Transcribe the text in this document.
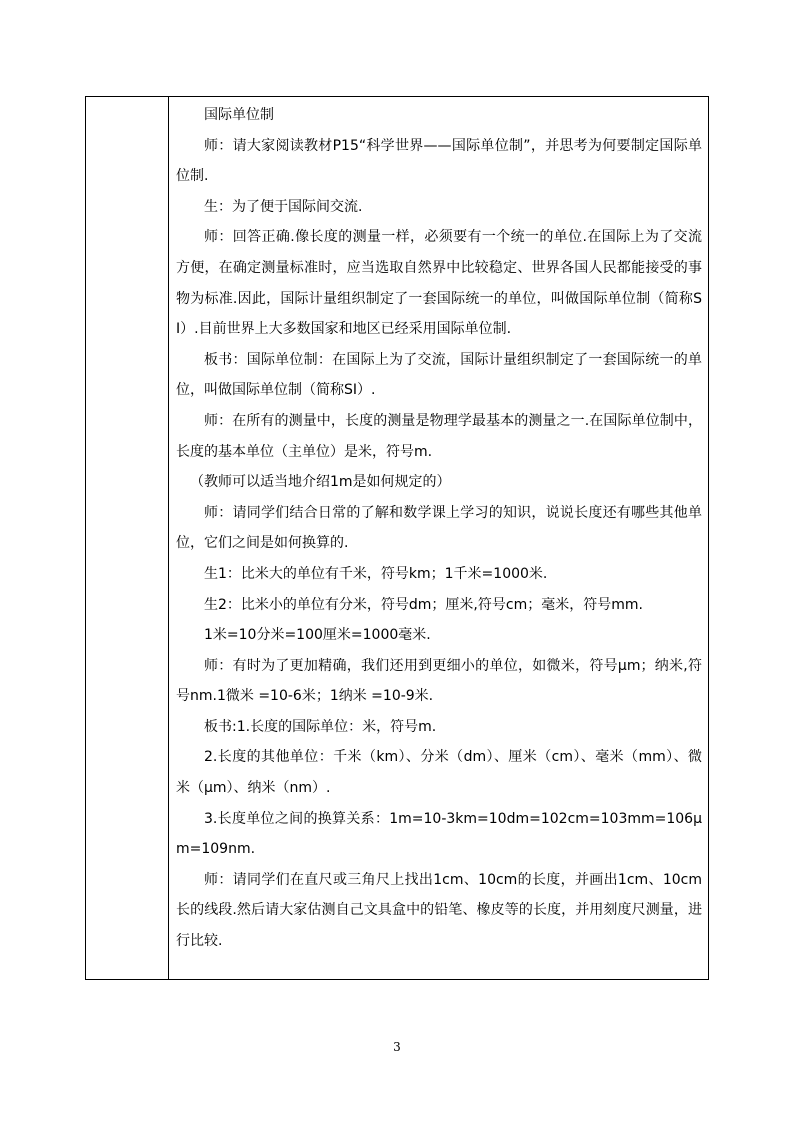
国际单位制

师：请大家阅读教材P15“科学世界——国际单位制”，并思考为何要制定国际单位制.

生：为了便于国际间交流.

师：回答正确.像长度的测量一样，必须要有一个统一的单位.在国际上为了交流方便，在确定测量标准时，应当选取自然界中比较稳定、世界各国人民都能接受的事物为标准.因此，国际计量组织制定了一套国际统一的单位，叫做国际单位制（简称SI）.目前世界上大多数国家和地区已经采用国际单位制.

板书：国际单位制：在国际上为了交流，国际计量组织制定了一套国际统一的单位，叫做国际单位制（简称SI）.

师：在所有的测量中，长度的测量是物理学最基本的测量之一.在国际单位制中，长度的基本单位（主单位）是米，符号m.

（教师可以适当地介绍1m是如何规定的）

师：请同学们结合日常的了解和数学课上学习的知识，说说长度还有哪些其他单位，它们之间是如何换算的.

生1：比米大的单位有千米，符号km；1千米=1000米.

生2：比米小的单位有分米，符号dm；厘米,符号cm；毫米，符号mm.

1米=10分米=100厘米=1000毫米.

师：有时为了更加精确，我们还用到更细小的单位，如微米，符号μm；纳米,符号nm.1微米 =10-6米；1纳米 =10-9米.

板书:1.长度的国际单位：米，符号m.

2.长度的其他单位：千米（km）、分米（dm）、厘米（cm）、毫米（mm）、微米（μm）、纳米（nm）.

3.长度单位之间的换算关系：1m=10-3km=10dm=102cm=103mm=106μm=109nm.

师：请同学们在直尺或三角尺上找出1cm、10cm的长度，并画出1cm、10cm长的线段.然后请大家估测自己文具盒中的铅笔、橡皮等的长度，并用刻度尺测量，进行比较.

3
